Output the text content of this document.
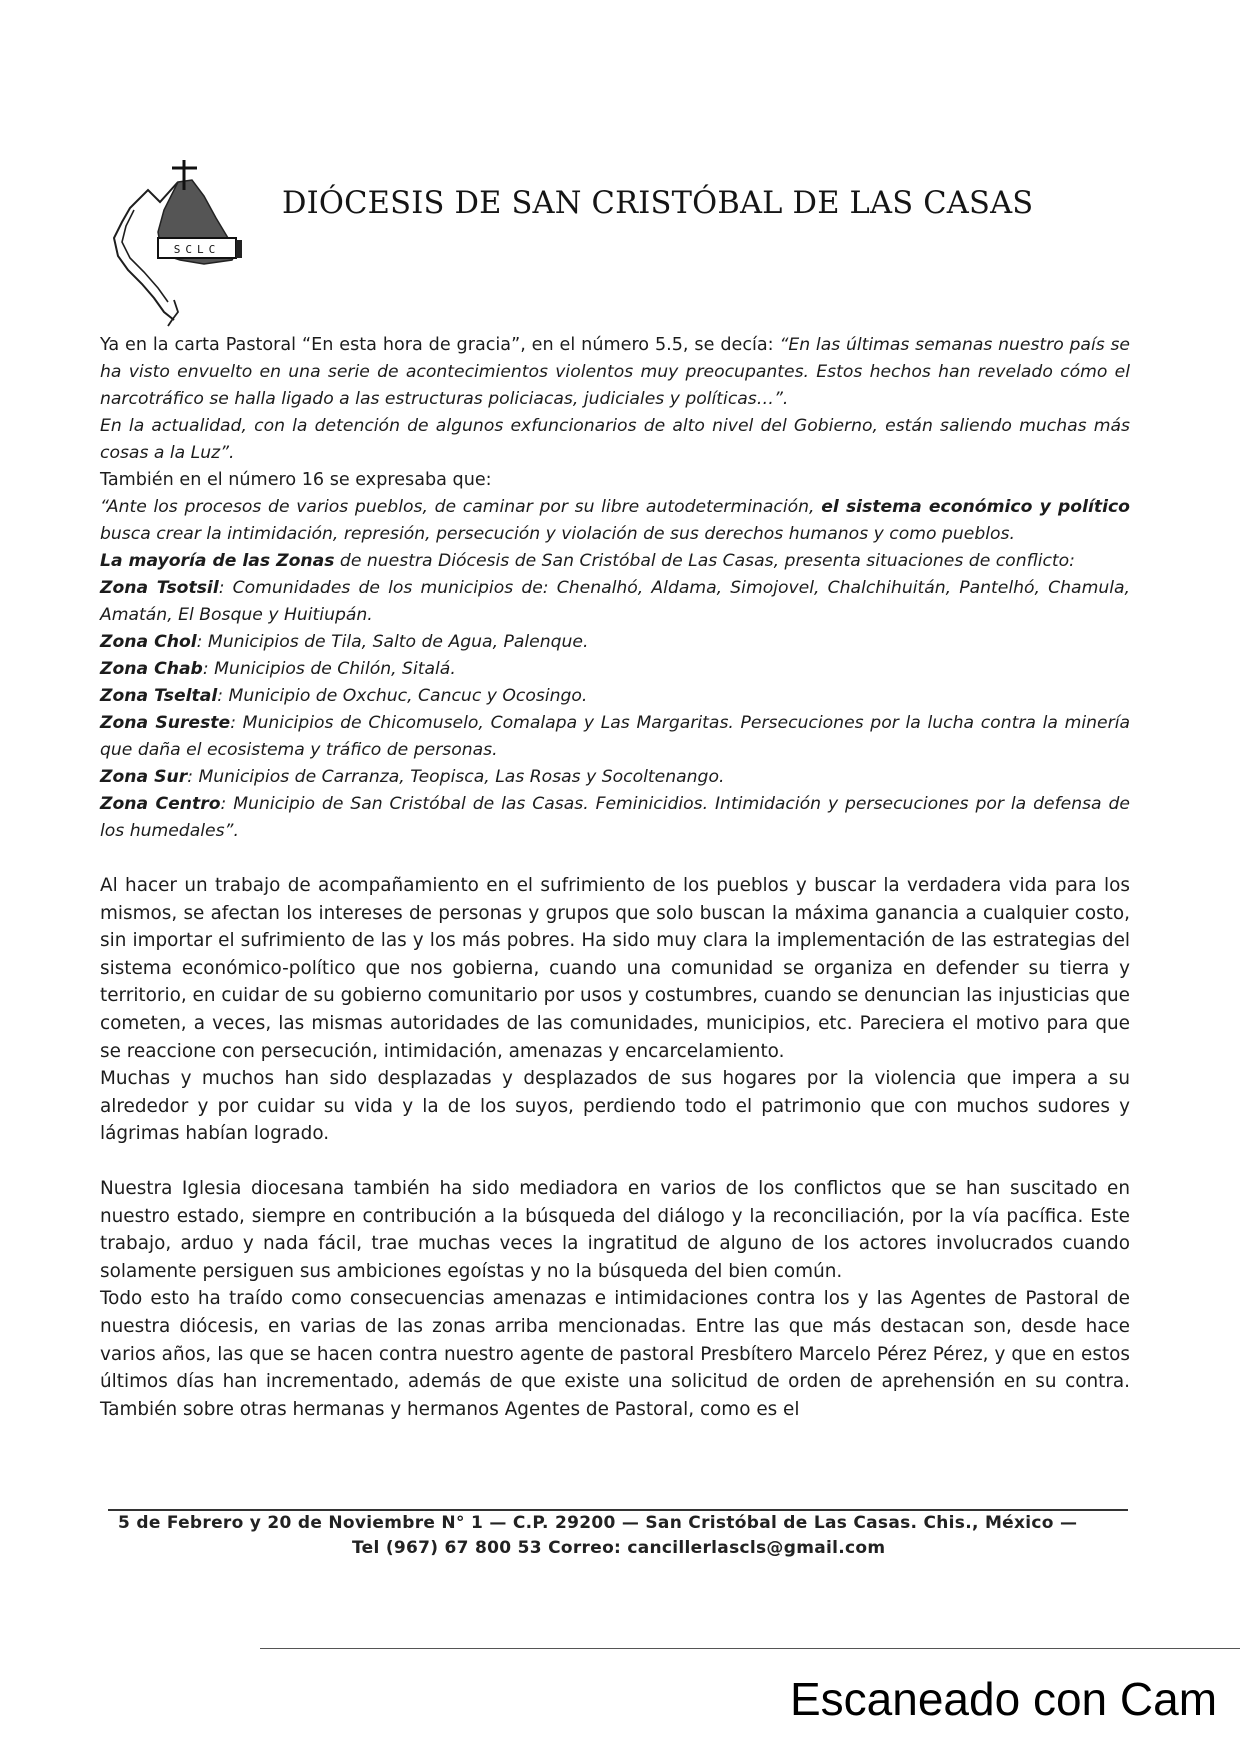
SCLC
DIÓCESIS DE SAN CRISTÓBAL DE LAS CASAS

Ya en la carta Pastoral “En esta hora de gracia”, en el número 5.5, se decía: “En las últimas semanas nuestro país se ha visto envuelto en una serie de acontecimientos violentos muy preocupantes. Estos hechos han revelado cómo el narcotráfico se halla ligado a las estructuras policiacas, judiciales y políticas…”.

En la actualidad, con la detención de algunos exfuncionarios de alto nivel del Gobierno, están saliendo muchas más cosas a la Luz”.

También en el número 16 se expresaba que:

“Ante los procesos de varios pueblos, de caminar por su libre autodeterminación, el sistema económico y político busca crear la intimidación, represión, persecución y violación de sus derechos humanos y como pueblos.

La mayoría de las Zonas de nuestra Diócesis de San Cristóbal de Las Casas, presenta situaciones de conflicto:

Zona Tsotsil: Comunidades de los municipios de: Chenalhó, Aldama, Simojovel, Chalchihuitán, Pantelhó, Chamula, Amatán, El Bosque y Huitiupán.

Zona Chol: Municipios de Tila, Salto de Agua, Palenque.

Zona Chab: Municipios de Chilón, Sitalá.

Zona Tseltal: Municipio de Oxchuc, Cancuc y Ocosingo.

Zona Sureste: Municipios de Chicomuselo, Comalapa y Las Margaritas. Persecuciones por la lucha contra la minería que daña el ecosistema y tráfico de personas.

Zona Sur: Municipios de Carranza, Teopisca, Las Rosas y Socoltenango.

Zona Centro: Municipio de San Cristóbal de las Casas. Feminicidios. Intimidación y persecuciones por la defensa de los humedales”.

Al hacer un trabajo de acompañamiento en el sufrimiento de los pueblos y buscar la verdadera vida para los mismos, se afectan los intereses de personas y grupos que solo buscan la máxima ganancia a cualquier costo, sin importar el sufrimiento de las y los más pobres. Ha sido muy clara la implementación de las estrategias del sistema económico-político que nos gobierna, cuando una comunidad se organiza en defender su tierra y territorio, en cuidar de su gobierno comunitario por usos y costumbres, cuando se denuncian las injusticias que cometen, a veces, las mismas autoridades de las comunidades, municipios, etc. Pareciera el motivo para que se reaccione con persecución, intimidación, amenazas y encarcelamiento.

Muchas y muchos han sido desplazadas y desplazados de sus hogares por la violencia que impera a su alrededor y por cuidar su vida y la de los suyos, perdiendo todo el patrimonio que con muchos sudores y lágrimas habían logrado.

Nuestra Iglesia diocesana también ha sido mediadora en varios de los conflictos que se han suscitado en nuestro estado, siempre en contribución a la búsqueda del diálogo y la reconciliación, por la vía pacífica. Este trabajo, arduo y nada fácil, trae muchas veces la ingratitud de alguno de los actores involucrados cuando solamente persiguen sus ambiciones egoístas y no la búsqueda del bien común.

Todo esto ha traído como consecuencias amenazas e intimidaciones contra los y las Agentes de Pastoral de nuestra diócesis, en varias de las zonas arriba mencionadas. Entre las que más destacan son, desde hace varios años, las que se hacen contra nuestro agente de pastoral Presbítero Marcelo Pérez Pérez, y que en estos últimos días han incrementado, además de que existe una solicitud de orden de aprehensión en su contra. También sobre otras hermanas y hermanos Agentes de Pastoral, como es el

5 de Febrero y 20 de Noviembre N° 1 — C.P. 29200 — San Cristóbal de Las Casas. Chis., México —
Tel (967) 67 800 53 Correo: cancillerlascls@gmail.com
Escaneado con Cam
